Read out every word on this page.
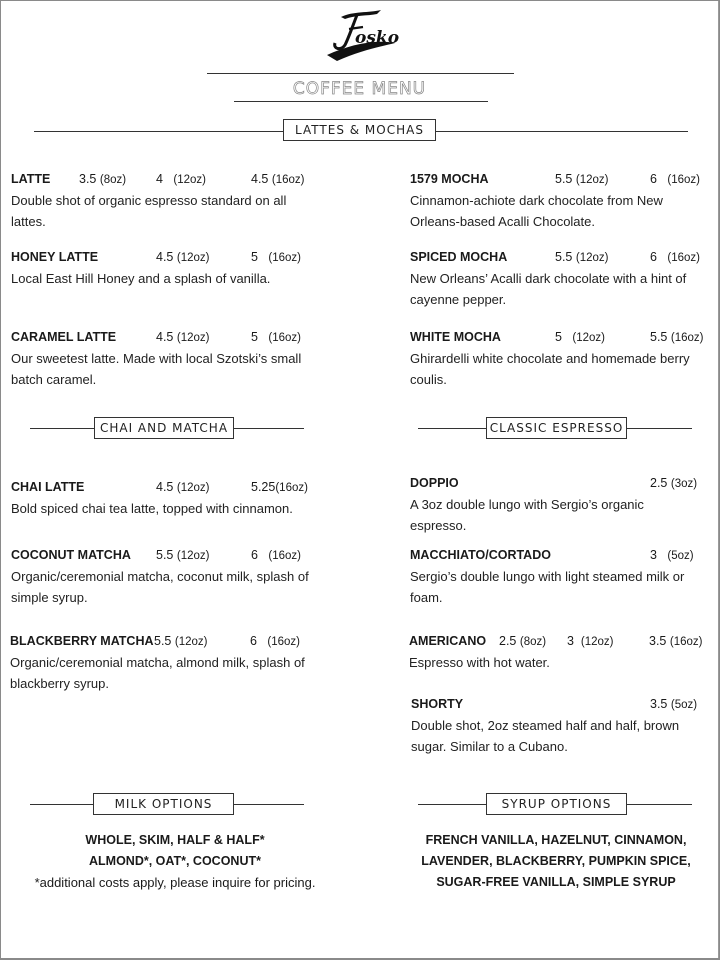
osko
COFFEE MENU
LATTES & MOCHAS
LATTE 3.5 (8oz) 4 (12oz)	4.5 (16oz)
Double shot of organic espresso standard on all lattes.
HONEY LATTE	4.5 (12oz)	5 (16oz)
Local East Hill Honey and a splash of vanilla.
CARAMEL LATTE	4.5 (12oz)	5 (16oz)
Our sweetest latte. Made with local Szotski’s small batch caramel.
1579 MOCHA	5.5 (12oz)	6 (16oz)
Cinnamon-achiote dark chocolate from New Orleans-based Acalli Chocolate.
SPICED MOCHA	5.5 (12oz)	6 (16oz)
New Orleans’ Acalli dark chocolate with a hint of cayenne pepper.
WHITE MOCHA	5 (12oz)	5.5 (16oz)
Ghirardelli white chocolate and homemade berry coulis.
CHAI AND MATCHA	CLASSIC ESPRESSO
CHAI LATTE	4.5 (12oz)	5.25(16oz)
Bold spiced chai tea latte, topped with cinnamon.
COCONUT MATCHA 5.5 (12oz)	6 (16oz)
Organic/ceremonial matcha, coconut milk, splash of simple syrup.
BLACKBERRY MATCHA 5.5 (12oz)	6 (16oz)
Organic/ceremonial matcha, almond milk, splash of blackberry syrup.
DOPPIO	2.5 (3oz)
A 3oz double lungo with Sergio’s organic espresso.
MACCHIATO/CORTADO	3 (5oz)
Sergio’s double lungo with light steamed milk or foam.
AMERICANO 2.5 (8oz) 3 (12oz)	3.5 (16oz)
Espresso with hot water.
SHORTY	3.5 (5oz)
Double shot, 2oz steamed half and half, brown sugar. Similar to a Cubano.
MILK OPTIONS
WHOLE, SKIM, HALF & HALF*
ALMOND*, OAT*, COCONUT*
*additional costs apply, please inquire for pricing.
SYRUP OPTIONS
FRENCH VANILLA, HAZELNUT, CINNAMON,
LAVENDER, BLACKBERRY, PUMPKIN SPICE,
SUGAR-FREE VANILLA, SIMPLE SYRUP
